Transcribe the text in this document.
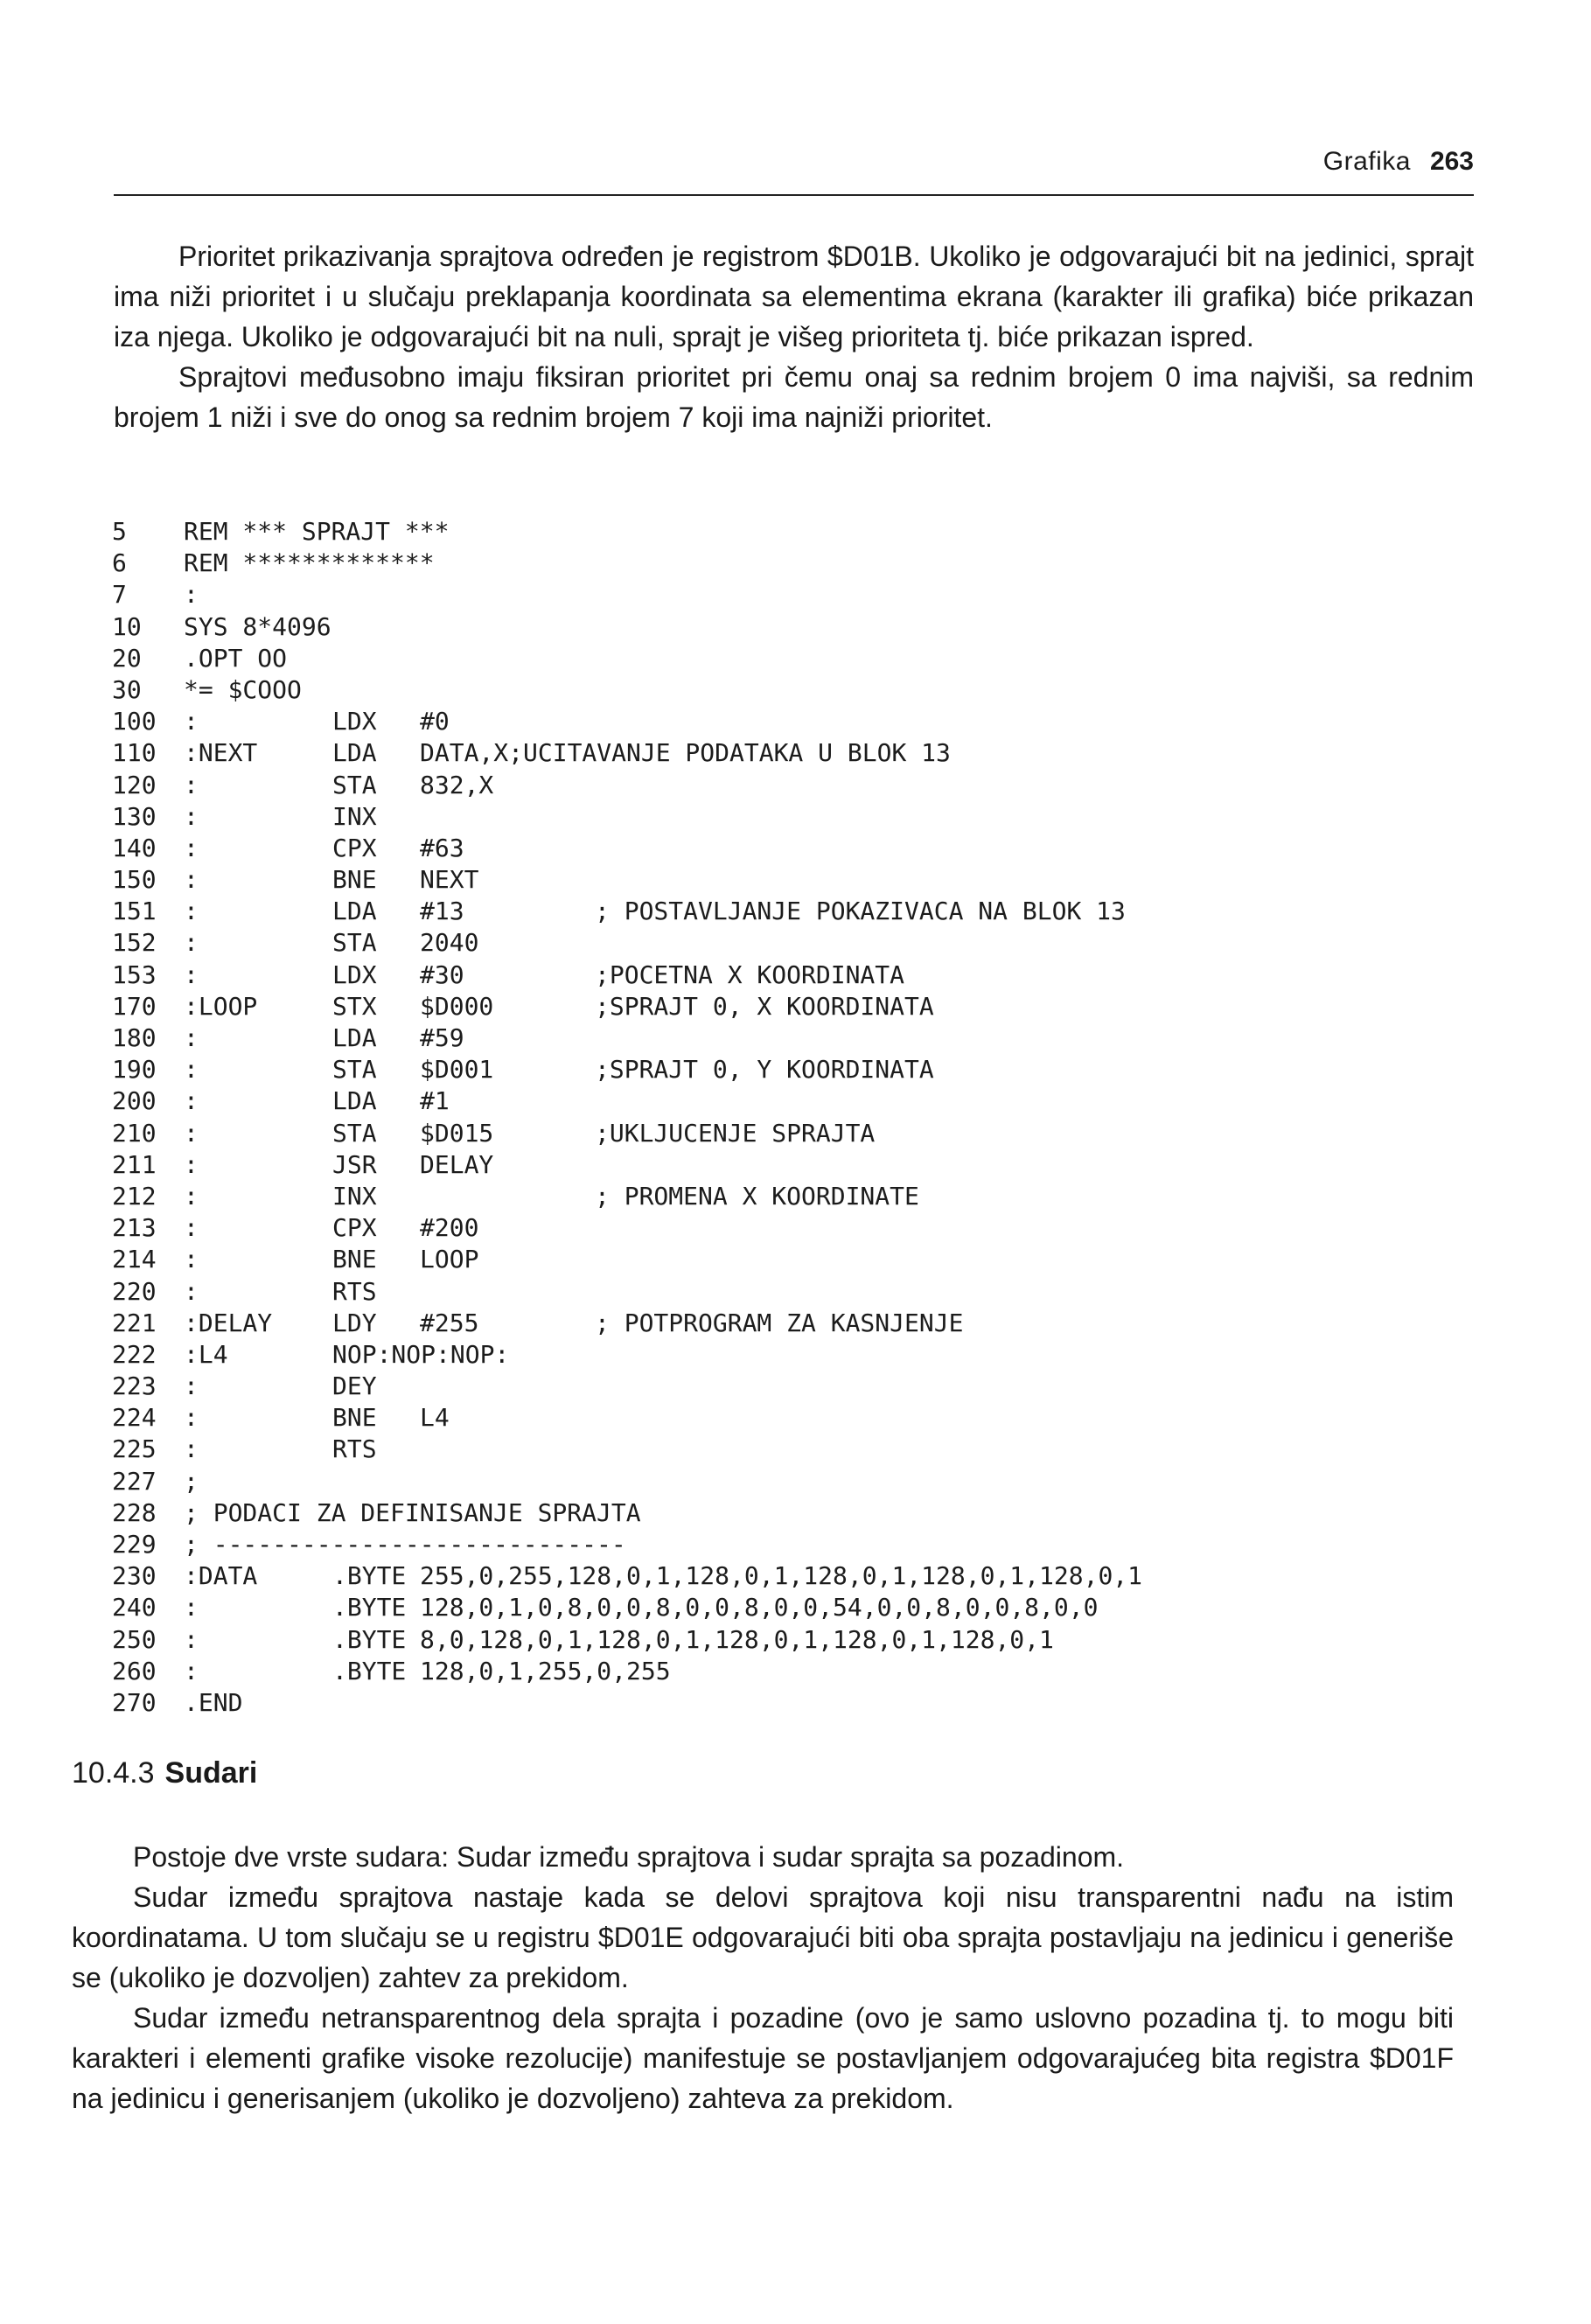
Grafika 263

Prioritet prikazivanja sprajtova određen je registrom $D01B. Ukoliko je odgovarajući bit na jedinici, sprajt ima niži prioritet i u slučaju preklapanja koordinata sa elementima ekrana (karakter ili grafika) biće prikazan iza njega. Ukoliko je odgovarajući bit na nuli, sprajt je višeg prioriteta tj. biće prikazan ispred.

Sprajtovi međusobno imaju fiksiran prioritet pri čemu onaj sa rednim brojem 0 ima najviši, sa rednim brojem 1 niži i sve do onog sa rednim brojem 7 koji ima najniži prioritet.

5 REM *** SPRAJT ***
6 REM *************
7 :
10 SYS 8*4096
20 .OPT OO
30 *= $COOO
100 :	LDX #0
110 :NEXT	LDA DATA,X;UCITAVANJE PODATAKA U BLOK 13
120 :	STA 832,X
130 :	INX
140 :	CPX #63
150 :	BNE NEXT
151 :	LDA #13	; POSTAVLJANJE POKAZIVACA NA BLOK 13
152 :	STA 2040
153 :	LDX #30	;POCETNA X KOORDINATA
170 :LOOP	STX $D000	;SPRAJT 0, X KOORDINATA
180 :	LDA #59
190 :	STA $D001	;SPRAJT 0, Y KOORDINATA
200 :	LDA #1
210 :	STA $D015	;UKLJUCENJE SPRAJTA
211 :	JSR DELAY
212 :	INX	; PROMENA X KOORDINATE
213 :	CPX #200
214 :	BNE LOOP
220 :	RTS
221 :DELAY LDY #255	; POTPROGRAM ZA KASNJENJE
222 :L4	NOP:NOP:NOP:
223 :	DEY
224 :	BNE L4
225 :	RTS
227 ;
228 ; PODACI ZA DEFINISANJE SPRAJTA
229 ; ----------------------------
230 :DATA	.BYTE 255,0,255,128,0,1,128,0,1,128,0,1,128,0,1,128,0,1
240 :	.BYTE 128,0,1,0,8,0,0,8,0,0,8,0,0,54,0,0,8,0,0,8,0,0
250 :	.BYTE 8,0,128,0,1,128,0,1,128,0,1,128,0,1,128,0,1
260 :	.BYTE 128,0,1,255,0,255
270 .END
10.4.3 Sudari

Postoje dve vrste sudara: Sudar između sprajtova i sudar sprajta sa pozadinom.

Sudar između sprajtova nastaje kada se delovi sprajtova koji nisu transparentni nađu na istim koordinatama. U tom slučaju se u registru $D01E odgovarajući biti oba sprajta postavljaju na jedinicu i generiše se (ukoliko je dozvoljen) zahtev za prekidom.

Sudar između netransparentnog dela sprajta i pozadine (ovo je samo uslovno pozadina tj. to mogu biti karakteri i elementi grafike visoke rezolucije) manifestuje se postavljanjem odgovarajućeg bita registra $D01F na jedinicu i generisanjem (ukoliko je dozvoljeno) zahteva za prekidom.
